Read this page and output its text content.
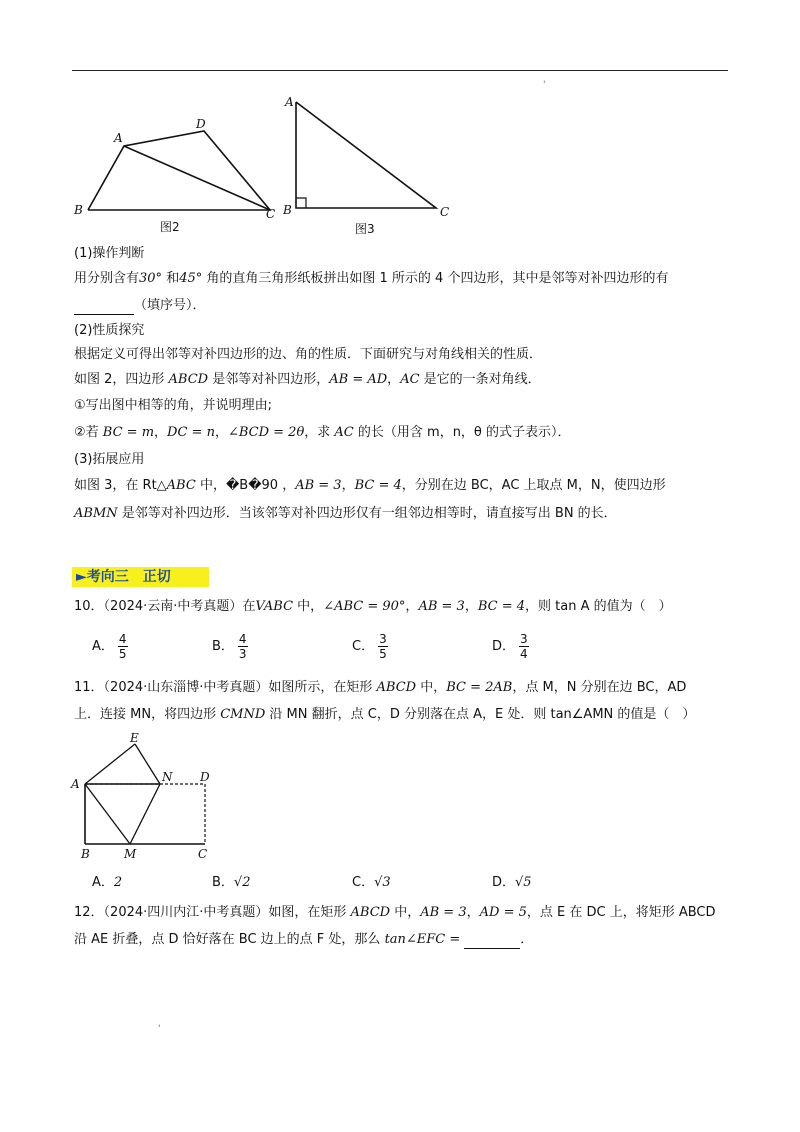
'
A
D
B	C
图2
A
B	C
图3
(1)操作判断
用分别含有30° 和45° 角的直角三角形纸板拼出如图 1 所示的 4 个四边形，其中是邻等对补四边形的有
（填序号）．
(2)性质探究
根据定义可得出邻等对补四边形的边、角的性质．下面研究与对角线相关的性质．
如图 2，四边形 ABCD 是邻等对补四边形，AB = AD，AC 是它的一条对角线．
①写出图中相等的角，并说明理由;
②若 BC = m，DC = n，∠BCD = 2θ，求 AC 的长（用含 m，n，θ 的式子表示）．
(3)拓展应用
如图 3，在 Rt△ABC 中，�B�90 ，AB = 3，BC = 4，分别在边 BC，AC 上取点 M，N，使四边形
ABMN 是邻等对补四边形．当该邻等对补四边形仅有一组邻边相等时，请直接写出 BN 的长．
►考向三　正切
10．（2024·云南·中考真题）在VABC 中，∠ABC = 90°，AB = 3，BC = 4，则 tan A 的值为（　）
A． $\frac{4}{5}$	B． $\frac{4}{3}$	C． $\frac{3}{5}$	D． $\frac{3}{4}$
11．（2024·山东淄博·中考真题）如图所示，在矩形 ABCD 中，BC = 2AB，点 M，N 分别在边 BC，AD
上．连接 MN，将四边形 CMND 沿 MN 翻折，点 C，D 分别落在点 A，E 处．则 tan∠AMN 的值是（　）
E
A	N D
B	M	C
A．2	B．√2	C．√3	D．√5
12．（2024·四川内江·中考真题）如图，在矩形 ABCD 中，AB = 3，AD = 5，点 E 在 DC 上，将矩形 ABCD
沿 AE 折叠，点 D 恰好落在 BC 边上的点 F 处，那么 tan∠EFC =	．
'
